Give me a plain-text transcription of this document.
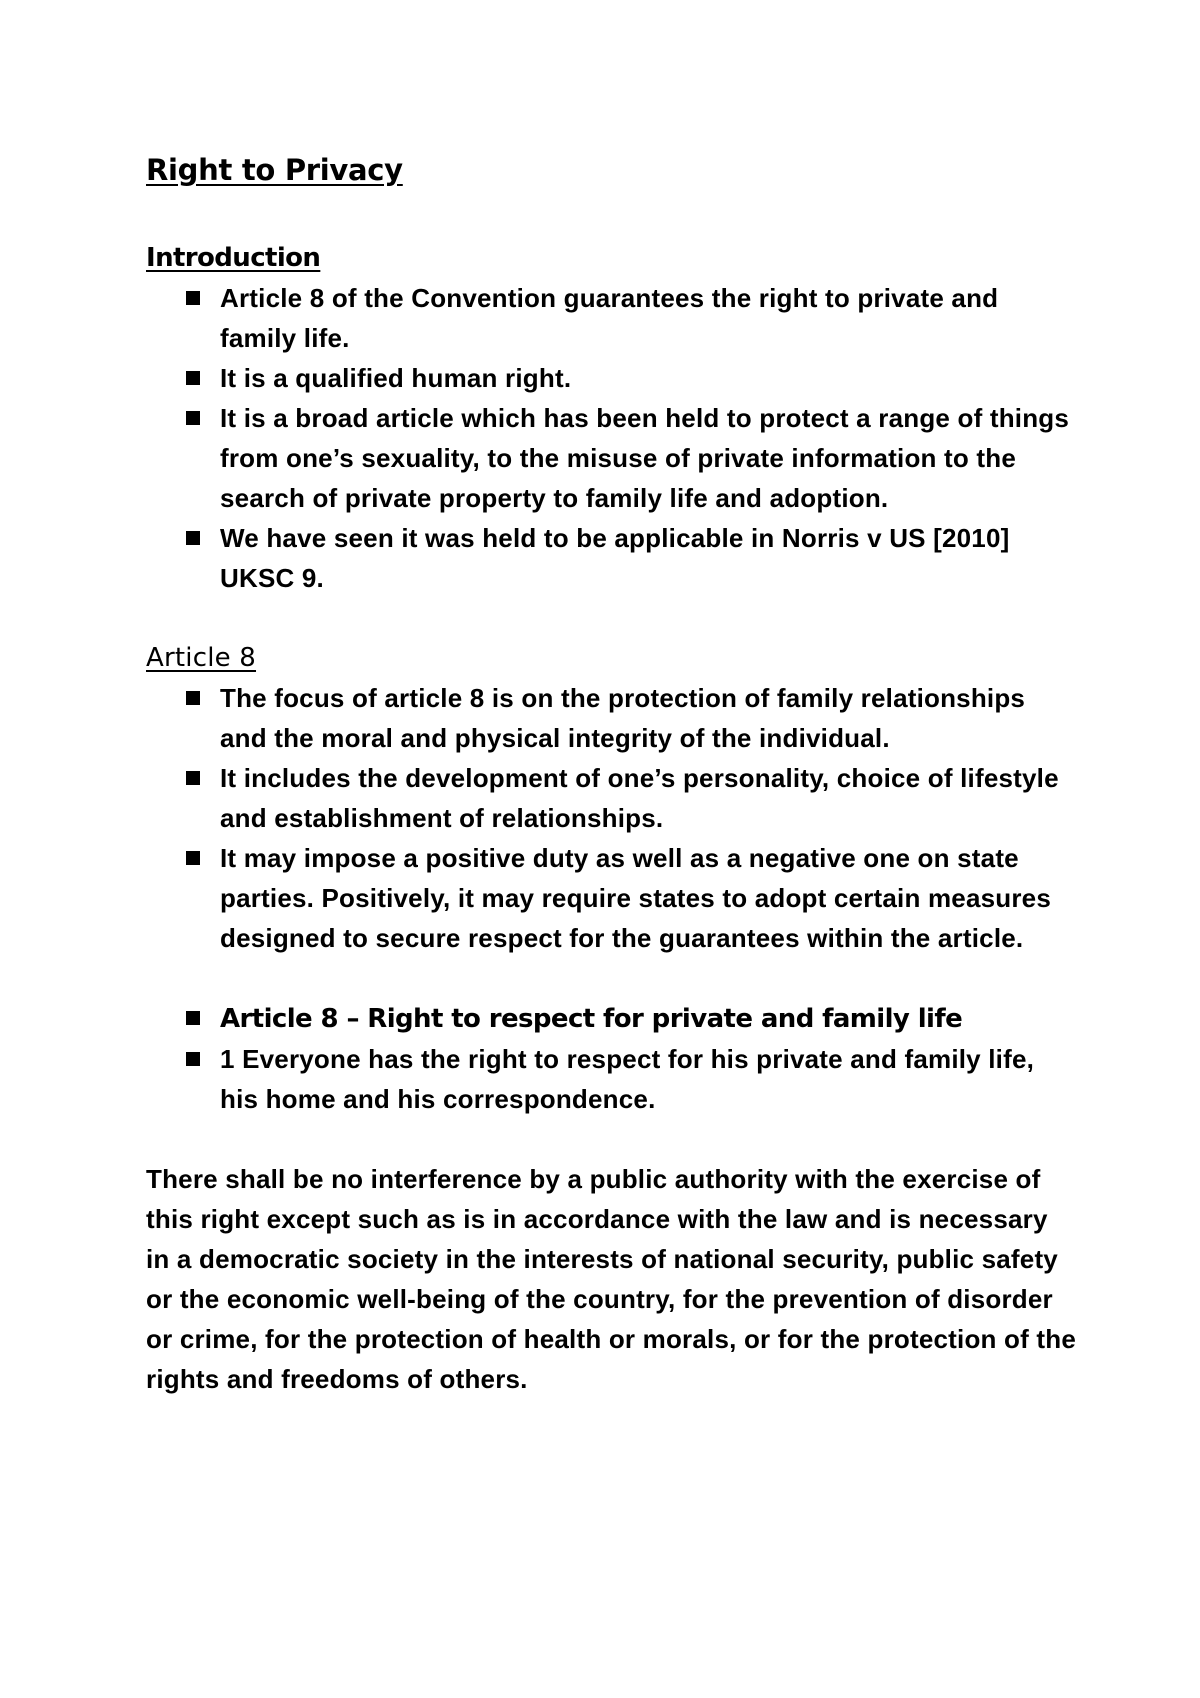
Right to Privacy
Introduction
Article 8 of the Convention guarantees the right to private and family life.
It is a qualified human right.
It is a broad article which has been held to protect a range of things from one’s sexuality, to the misuse of private information to the search of private property to family life and adoption.
We have seen it was held to be applicable in Norris v US [2010] UKSC 9.
Article 8
The focus of article 8 is on the protection of family relationships and the moral and physical integrity of the individual.
It includes the development of one’s personality, choice of lifestyle and establishment of relationships.
It may impose a positive duty as well as a negative one on state parties. Positively, it may require states to adopt certain measures designed to secure respect for the guarantees within the article.
Article 8 – Right to respect for private and family life
1 Everyone has the right to respect for his private and family life, his home and his correspondence.

There shall be no interference by a public authority with the exercise of this right except such as is in accordance with the law and is necessary in a democratic society in the interests of national security, public safety or the economic well-being of the country, for the prevention of disorder or crime, for the protection of health or morals, or for the protection of the rights and freedoms of others.
